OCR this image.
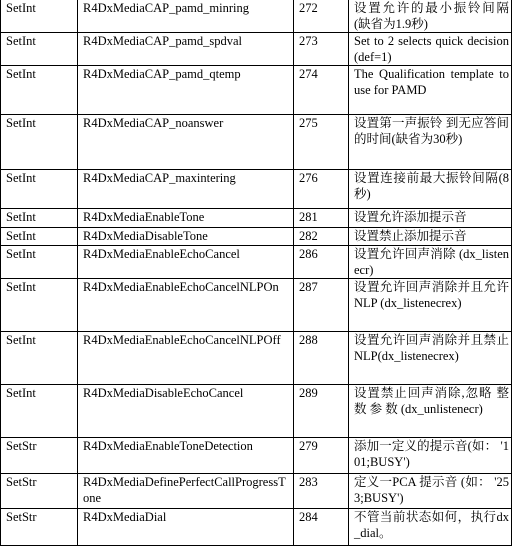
SetInt	R4DxMediaCAP_pamd_minring	272	设置允许的最小振铃间隔 (缺省为1.9秒)
SetInt	R4DxMediaCAP_pamd_spdval	273	Set to 2 selects quick decision (def=1)
SetInt	R4DxMediaCAP_pamd_qtemp	274	The Qualification template to use for PAMD
SetInt	R4DxMediaCAP_noanswer	275	设置第一声振铃 到无应答间的时间(缺省为30秒)
SetInt	R4DxMediaCAP_maxintering	276	设置连接前最大振铃间隔(8秒)
SetInt	R4DxMediaEnableTone	281	设置允许添加提示音
SetInt	R4DxMediaDisableTone	282	设置禁止添加提示音
SetInt	R4DxMediaEnableEchoCancel	286	设置允许回声消除 (dx_listenecr)
SetInt	R4DxMediaEnableEchoCancelNLPOn	287	设置允许回声消除并且允许 NLP (dx_listenecrex)
SetInt	R4DxMediaEnableEchoCancelNLPOff	288	设置允许回声消除并且禁止 NLP(dx_listenecrex)
SetInt	R4DxMediaDisableEchoCancel	289	设置禁止回声消除,忽略 整 数 参 数 (dx_unlistenecr)
SetStr	R4DxMediaEnableToneDetection	279	添加一定义的提示音(如： '101;BUSY')
SetStr	R4DxMediaDefinePerfectCallProgressTone	283	定义一PCA 提示音 (如： '253;BUSY')
SetStr	R4DxMediaDial	284	不管当前状态如何，执行dx_dial。
